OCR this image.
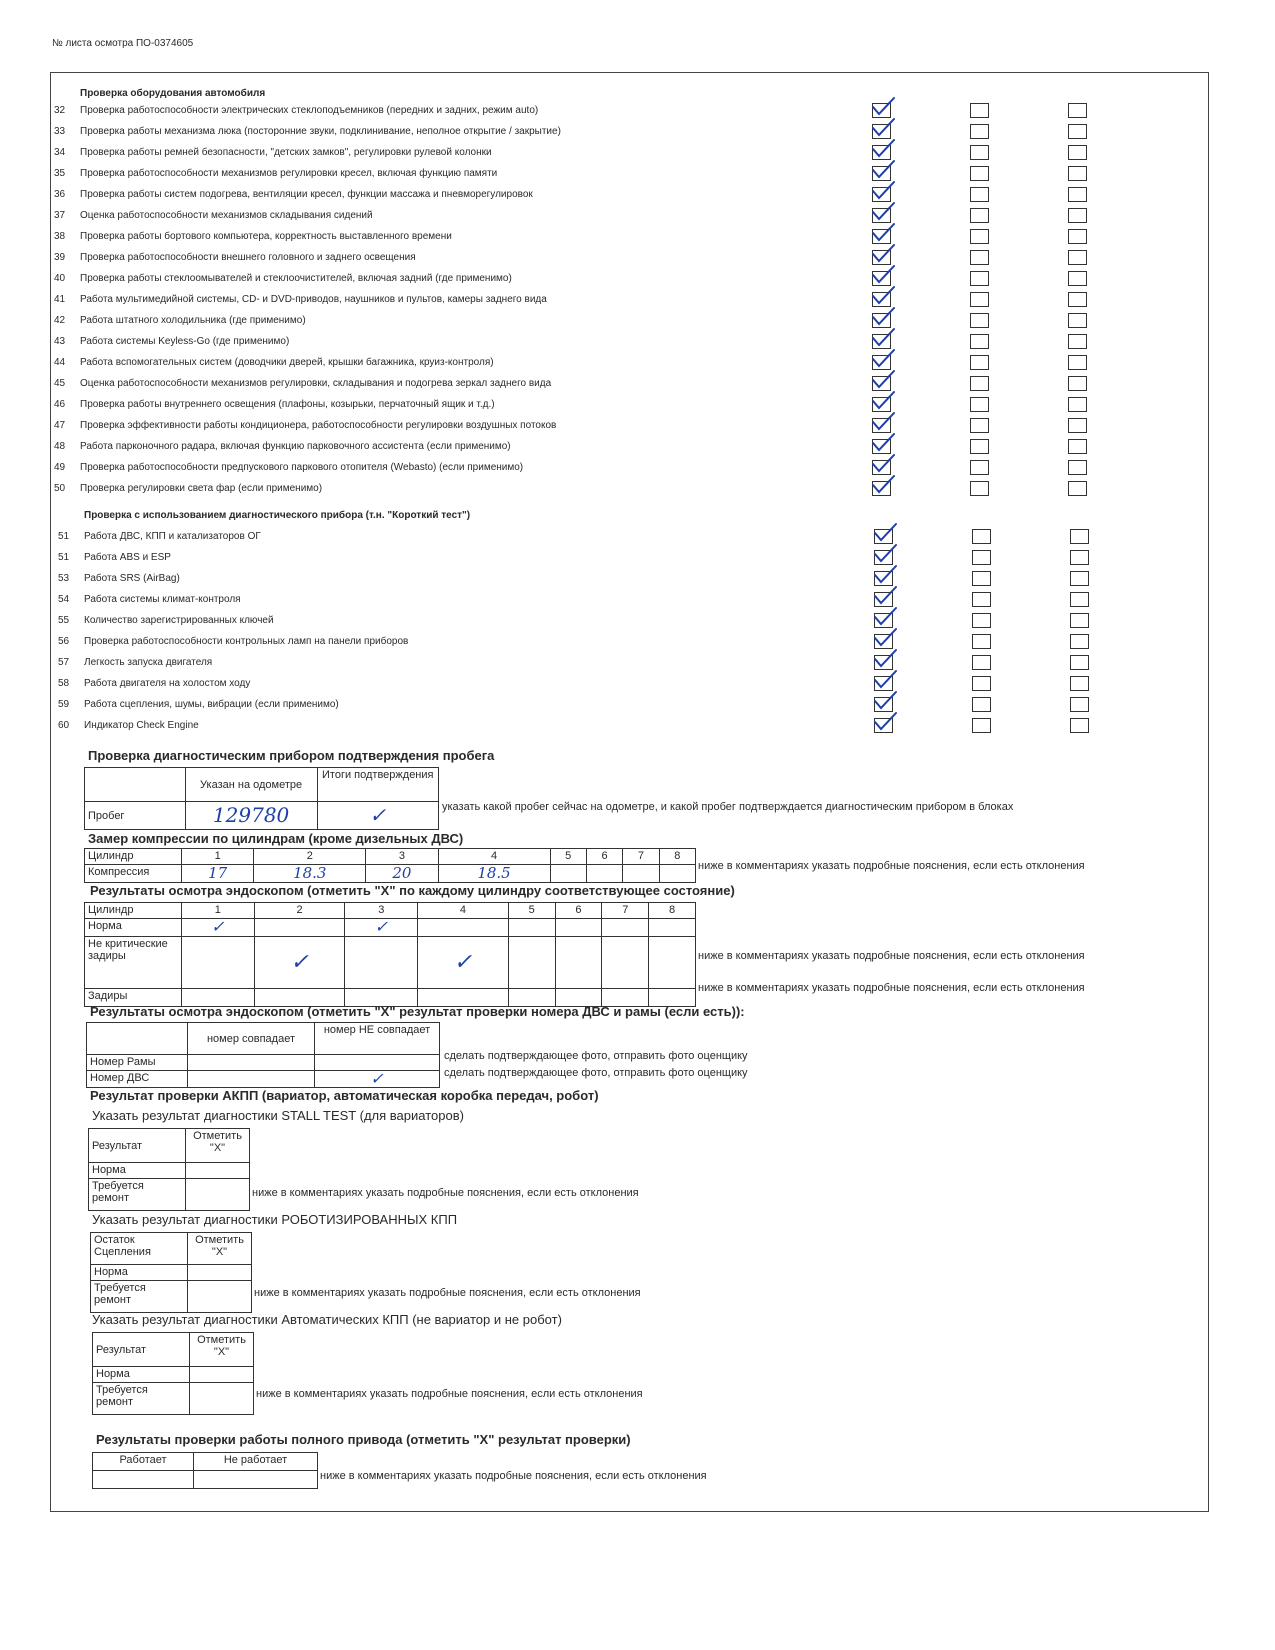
№ листа осмотра ПО-0374605
Проверка оборудования автомобиля
32 Проверка работоспособности электрических стеклоподъемников (передних и задних, режим auto)
33 Проверка работы механизма люка (посторонние звуки, подклинивание, неполное открытие / закрытие)
34 Проверка работы ремней безопасности, "детских замков", регулировки рулевой колонки
35 Проверка работоспособности механизмов регулировки кресел, включая функцию памяти
36 Проверка работы систем подогрева, вентиляции кресел, функции массажа и пневморегулировок
37 Оценка работоспособности механизмов складывания сидений
38 Проверка работы бортового компьютера, корректность выставленного времени
39 Проверка работоспособности внешнего головного и заднего освещения
40 Проверка работы стеклоомывателей и стеклоочистителей, включая задний (где применимо)
41 Работа мультимедийной системы, CD- и DVD-приводов, наушников и пультов, камеры заднего вида
42 Работа штатного холодильника (где применимо)
43 Работа системы Keyless-Go (где применимо)
44 Работа вспомогательных систем (доводчики дверей, крышки багажника, круиз-контроля)
45 Оценка работоспособности механизмов регулировки, складывания и подогрева зеркал заднего вида
46 Проверка работы внутреннего освещения (плафоны, козырьки, перчаточный ящик и т.д.)
47 Проверка эффективности работы кондиционера, работоспособности регулировки воздушных потоков
48 Работа парконочного радара, включая функцию парковочного ассистента (если применимо)
49 Проверка работоспособности предпускового паркового отопителя (Webasto) (если применимо)
50 Проверка регулировки света фар (если применимо)
Проверка с использованием диагностического прибора (т.н. "Короткий тест")
51 Работа ДВС, КПП и катализаторов ОГ
51 Работа ABS и ESP
53 Работа SRS (AirBag)
54 Работа системы климат-контроля
55 Количество зарегистрированных ключей
56 Проверка работоспособности контрольных ламп на панели приборов
57 Легкость запуска двигателя
58 Работа двигателя на холостом ходу
59 Работа сцепления, шумы, вибрации (если применимо)
60 Индикатор Check Engine
Проверка диагностическим прибором подтверждения пробега
	Указан на одометре	Итоги подтверждения
Пробег	129780	✓	указать какой пробег сейчас на одометре, и какой пробег подтверждается диагностическим прибором в блоках
Замер компрессии по цилиндрам (кроме дизельных ДВС)
Цилиндр	1	2	3	4	5	6	7	8
Компрессия	17	18.3	20	18.5					ниже в комментариях указать подробные пояснения, если есть отклонения
Результаты осмотра эндоскопом (отметить "X" по каждому цилиндру соответствующее состояние)
Цилиндр	1	2	3	4	5	6	7	8
Норма	✓		✓					
Не критические задиры		✓		✓				
Задиры								
ниже в комментариях указать подробные пояснения, если есть отклонения
ниже в комментариях указать подробные пояснения, если есть отклонения
Результаты осмотра эндоскопом (отметить "X" результат проверки номера ДВС и рамы (если есть)):
	номер совпадает	номер НЕ совпадает
Номер Рамы		
Номер ДВС		✓
сделать подтверждающее фото, отправить фото оценщику
сделать подтверждающее фото, отправить фото оценщику
Результат проверки АКПП (вариатор, автоматическая коробка передач, робот)
Указать результат диагностики STALL TEST (для вариаторов)
Результат	Отметить "X"
Норма	
Требуется ремонт		ниже в комментариях указать подробные пояснения, если есть отклонения
Указать результат диагностики РОБОТИЗИРОВАННЫХ КПП
Остаток Сцепления	Отметить "X"
Норма	
Требуется ремонт	
ниже в комментариях указать подробные пояснения, если есть отклонения
Указать результат диагностики Автоматических КПП (не вариатор и не робот)
Результат	Отметить "X"
Норма	
Требуется ремонт	
ниже в комментариях указать подробные пояснения, если есть отклонения
Результаты проверки работы полного привода (отметить "X" результат проверки)
Работает	Не работает

ниже в комментариях указать подробные пояснения, если есть отклонения
